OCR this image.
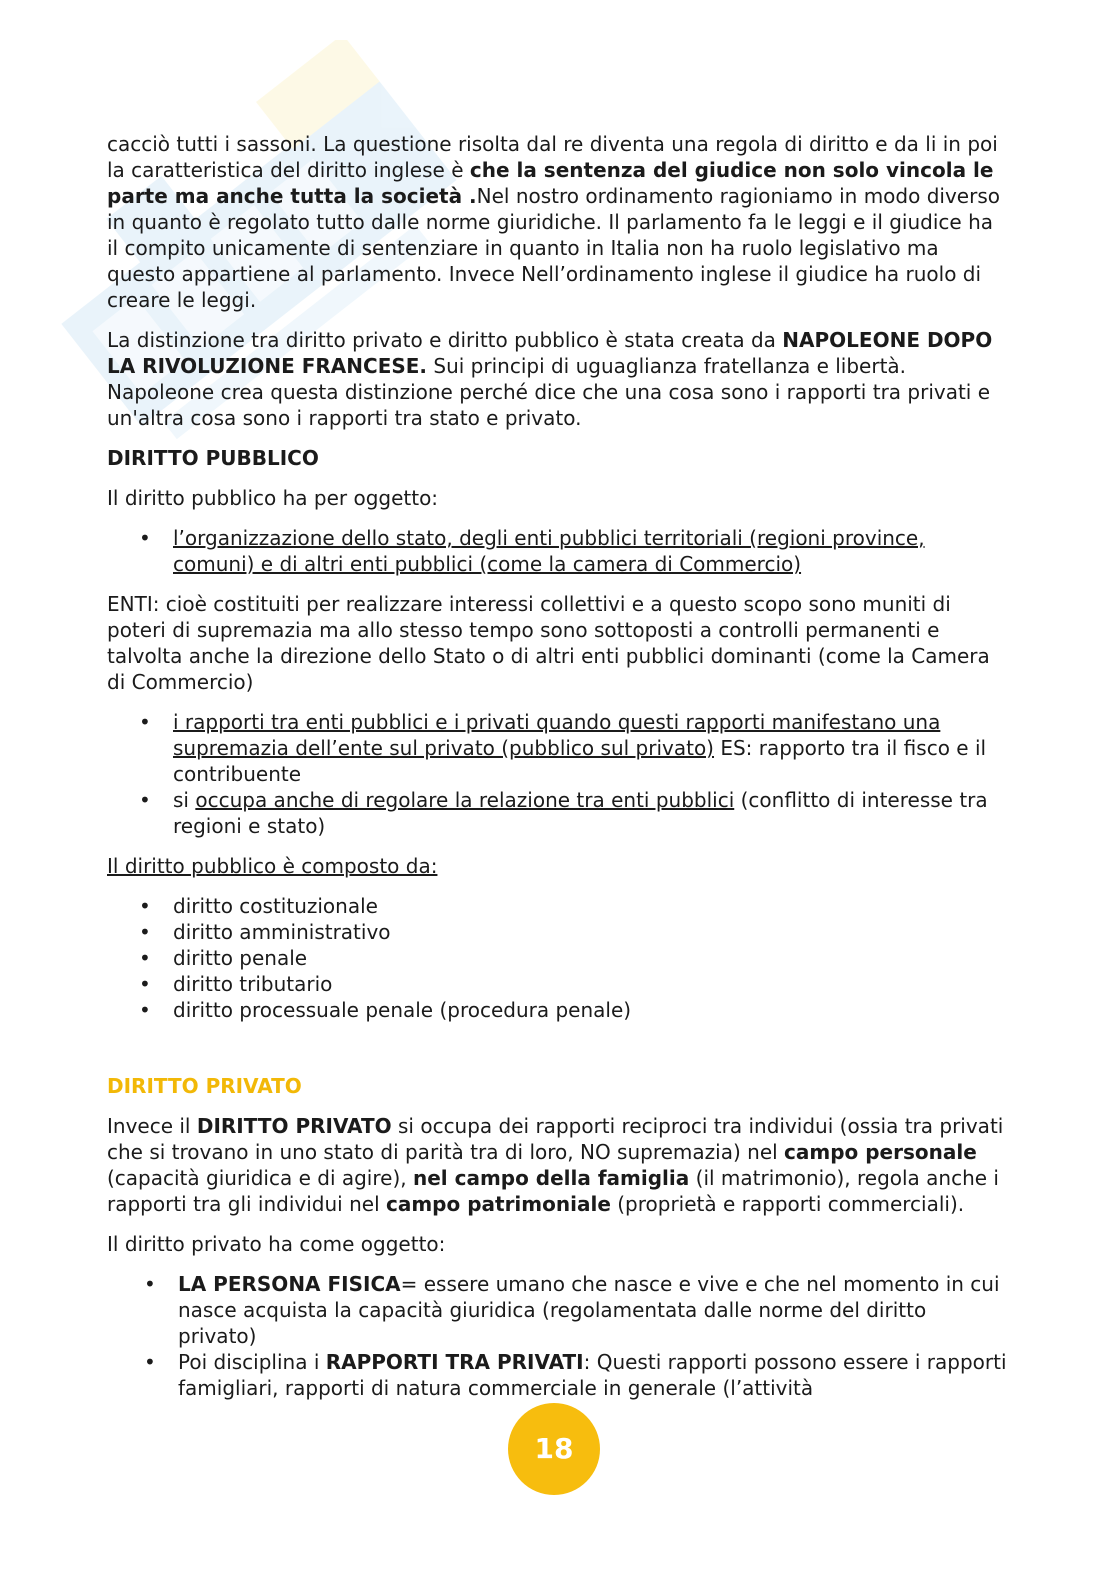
cacciò tutti i sassoni. La questione risolta dal re diventa una regola di diritto e da li in poi la caratteristica del diritto inglese è che la sentenza del giudice non solo vincola le parte ma anche tutta la società .Nel nostro ordinamento ragioniamo in modo diverso in quanto è regolato tutto dalle norme giuridiche. Il parlamento fa le leggi e il giudice ha il compito unicamente di sentenziare in quanto in Italia non ha ruolo legislativo ma questo appartiene al parlamento. Invece Nell’ordinamento inglese il giudice ha ruolo di creare le leggi.

La distinzione tra diritto privato e diritto pubblico è stata creata da NAPOLEONE DOPO LA RIVOLUZIONE FRANCESE. Sui principi di uguaglianza fratellanza e libertà. Napoleone crea questa distinzione perché dice che una cosa sono i rapporti tra privati e un'altra cosa sono i rapporti tra stato e privato.

DIRITTO PUBBLICO

Il diritto pubblico ha per oggetto:

• l’organizzazione dello stato, degli enti pubblici territoriali (regioni province, comuni) e di altri enti pubblici (come la camera di Commercio)

ENTI: cioè costituiti per realizzare interessi collettivi e a questo scopo sono muniti di poteri di supremazia ma allo stesso tempo sono sottoposti a controlli permanenti e talvolta anche la direzione dello Stato o di altri enti pubblici dominanti (come la Camera di Commercio)

• i rapporti tra enti pubblici e i privati quando questi rapporti manifestano una supremazia dell’ente sul privato (pubblico sul privato) ES: rapporto tra il fisco e il contribuente
• si occupa anche di regolare la relazione tra enti pubblici (conflitto di interesse tra regioni e stato)

Il diritto pubblico è composto da:

• diritto costituzionale
• diritto amministrativo
• diritto penale
• diritto tributario
• diritto processuale penale (procedura penale)

DIRITTO PRIVATO

Invece il DIRITTO PRIVATO si occupa dei rapporti reciproci tra individui (ossia tra privati che si trovano in uno stato di parità tra di loro, NO supremazia) nel campo personale (capacità giuridica e di agire), nel campo della famiglia (il matrimonio), regola anche i rapporti tra gli individui nel campo patrimoniale (proprietà e rapporti commerciali).

Il diritto privato ha come oggetto:

• LA PERSONA FISICA= essere umano che nasce e vive e che nel momento in cui nasce acquista la capacità giuridica (regolamentata dalle norme del diritto privato)
• Poi disciplina i RAPPORTI TRA PRIVATI: Questi rapporti possono essere i rapporti famigliari, rapporti di natura commerciale in generale (l’attività
18
